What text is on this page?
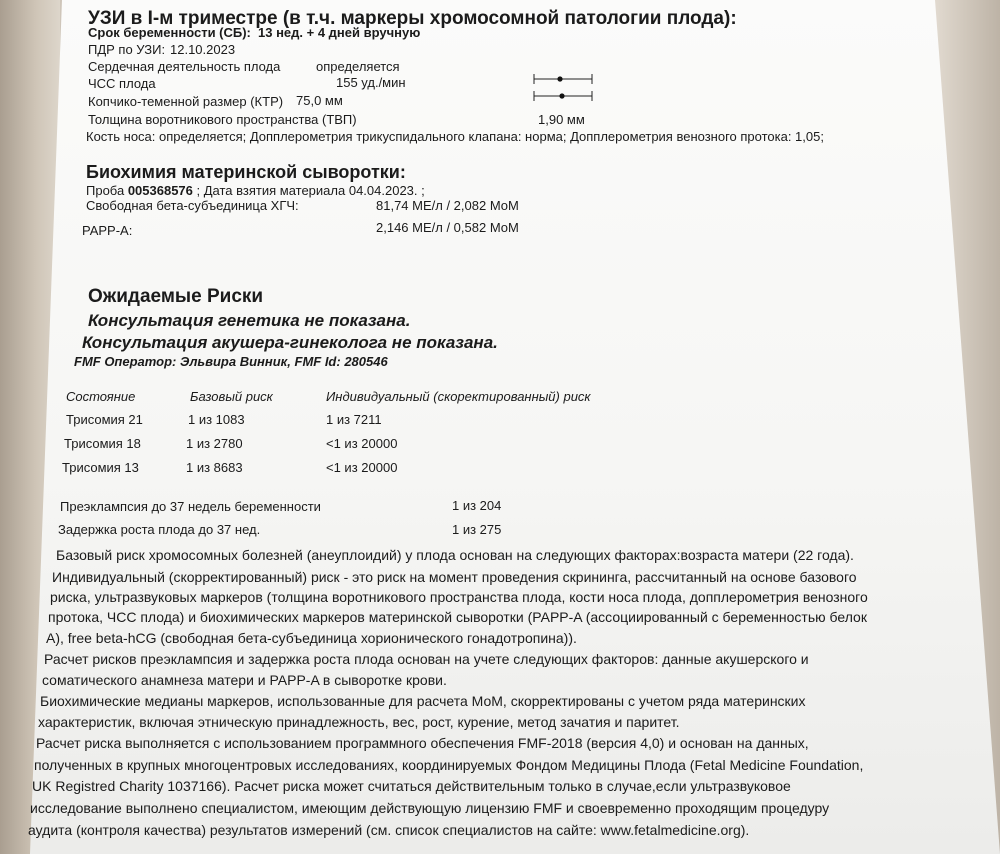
УЗИ в I-м триместре (в т.ч. маркеры хромосомной патологии плода):
Срок беременности (СБ): 13 нед. + 4 дней вручную
ПДР по УЗИ: 12.10.2023
Сердечная деятельность плода	определяется
ЧСС плода	155 уд./мин
Копчико-теменной размер (КТР) 75,0 мм
Толщина воротникового пространства (ТВП)	1,90 мм
Кость носа: определяется; Допплерометрия трикуспидального клапана: норма; Допплерометрия венозного протока: 1,05;
Биохимия материнской сыворотки:
Проба 005368576 ; Дата взятия материала 04.04.2023. ;
Свободная бета-субъединица ХГЧ:	81,74 МЕ/л / 2,082 МоМ
PAPP-A:	2,146 МЕ/л / 0,582 МоМ
Ожидаемые Риски
Консультация генетика не показана.
Консультация акушера-гинеколога не показана.
FMF Оператор: Эльвира Винник, FMF Id: 280546
Состояние	Базовый риск	Индивидуальный (скоректированный) риск
Трисомия 21	1 из 1083	1 из 7211
Трисомия 18	1 из 2780	<1 из 20000
Трисомия 13	1 из 8683	<1 из 20000
Преэклампсия до 37 недель беременности	1 из 204
Задержка роста плода до 37 нед.	1 из 275
Базовый риск хромосомных болезней (анеуплоидий) у плода основан на следующих факторах:возраста матери (22 года).
Индивидуальный (скорректированный) риск - это риск на момент проведения скрининга, рассчитанный на основе базового
риска, ультразвуковых маркеров (толщина воротникового пространства плода, кости носа плода, допплерометрия венозного
протока, ЧСС плода) и биохимических маркеров материнской сыворотки (PAPP-A (ассоциированный с беременностью белок
A), free beta-hCG (свободная бета-субъединица хорионического гонадотропина)).
Расчет рисков преэклампсия и задержка роста плода основан на учете следующих факторов: данные акушерского и
соматического анамнеза матери и PAPP-A в сыворотке крови.
Биохимические медианы маркеров, использованные для расчета МоМ, скорректированы с учетом ряда материнских
характеристик, включая этническую принадлежность, вес, рост, курение, метод зачатия и паритет.
Расчет риска выполняется с использованием программного обеспечения FMF-2018 (версия 4,0) и основан на данных,
полученных в крупных многоцентровых исследованиях, координируемых Фондом Медицины Плода (Fetal Medicine Foundation,
UK Registred Charity 1037166). Расчет риска может считаться действительным только в случае,если ультразвуковое
исследование выполнено специалистом, имеющим действующую лицензию FMF и своевременно проходящим процедуру
аудита (контроля качества) результатов измерений (см. список специалистов на сайте: www.fetalmedicine.org).
